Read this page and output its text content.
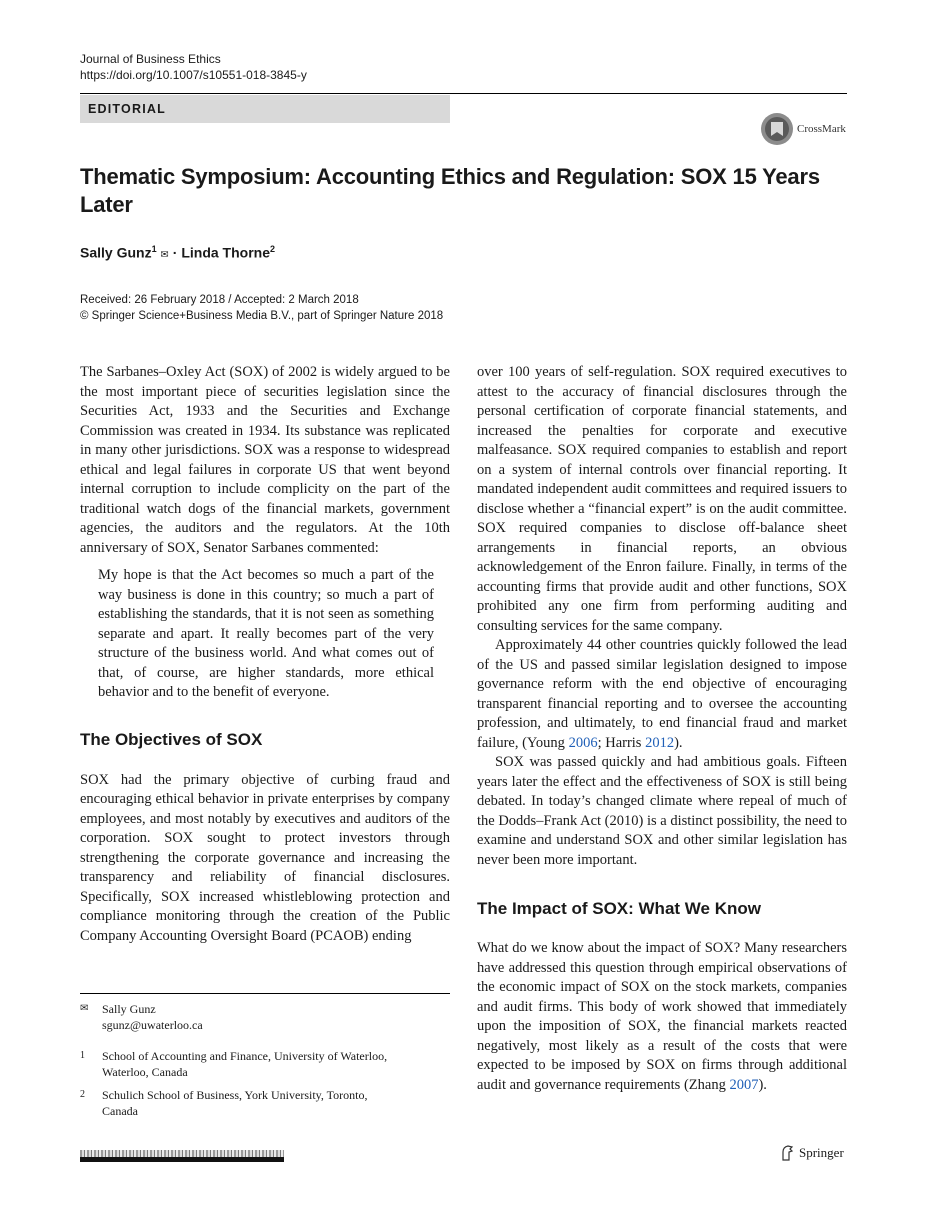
Journal of Business Ethics
https://doi.org/10.1007/s10551-018-3845-y
EDITORIAL
CrossMark
Thematic Symposium: Accounting Ethics and Regulation: SOX 15 Years Later
Sally Gunz$^1$ ✉ · Linda Thorne$^2$
Received: 26 February 2018 / Accepted: 2 March 2018
© Springer Science+Business Media B.V., part of Springer Nature 2018

The Sarbanes–Oxley Act (SOX) of 2002 is widely argued to be the most important piece of securities legislation since the Securities Act, 1933 and the Securities and Exchange Commission was created in 1934. Its substance was replicated in many other jurisdictions. SOX was a response to widespread ethical and legal failures in corporate US that went beyond internal corruption to include complicity on the part of the traditional watch dogs of the financial markets, government agencies, the auditors and the regulators. At the 10th anniversary of SOX, Senator Sarbanes commented:

My hope is that the Act becomes so much a part of the way business is done in this country; so much a part of establishing the standards, that it is not seen as something separate and apart. It really becomes part of the very structure of the business world. And what comes out of that, of course, are higher standards, more ethical behavior and to the benefit of everyone.

The Objectives of SOX

SOX had the primary objective of curbing fraud and encouraging ethical behavior in private enterprises by company employees, and most notably by executives and auditors of the corporation. SOX sought to protect investors through strengthening the corporate governance and increasing the transparency and reliability of financial disclosures. Specifically, SOX increased whistleblowing protection and compliance monitoring through the creation of the Public Company Accounting Oversight Board (PCAOB) ending

over 100 years of self-regulation. SOX required executives to attest to the accuracy of financial disclosures through the personal certification of corporate financial statements, and increased the penalties for corporate and executive malfeasance. SOX required companies to establish and report on a system of internal controls over financial reporting. It mandated independent audit committees and required issuers to disclose whether a “financial expert” is on the audit committee. SOX required companies to disclose off-balance sheet arrangements in financial reports, an obvious acknowledgement of the Enron failure. Finally, in terms of the accounting firms that provide audit and other functions, SOX prohibited any one firm from performing auditing and consulting services for the same company.

Approximately 44 other countries quickly followed the lead of the US and passed similar legislation designed to impose governance reform with the end objective of encouraging transparent financial reporting and to oversee the accounting profession, and ultimately, to end financial fraud and market failure, (Young 2006; Harris 2012).

SOX was passed quickly and had ambitious goals. Fifteen years later the effect and the effectiveness of SOX is still being debated. In today’s changed climate where repeal of much of the Dodds–Frank Act (2010) is a distinct possibility, the need to examine and understand SOX and other similar legislation has never been more important.

The Impact of SOX: What We Know

What do we know about the impact of SOX? Many researchers have addressed this question through empirical observations of the economic impact of SOX on the stock markets, companies and audit firms. This body of work showed that immediately upon the imposition of SOX, the financial markets reacted negatively, most likely as a result of the costs that were expected to be imposed by SOX on firms through additional audit and governance requirements (Zhang 2007).

✉	Sally Gunz
sgunz@uwaterloo.ca
1	School of Accounting and Finance, University of Waterloo,
Waterloo, Canada
2	Schulich School of Business, York University, Toronto,
Canada
Springer
